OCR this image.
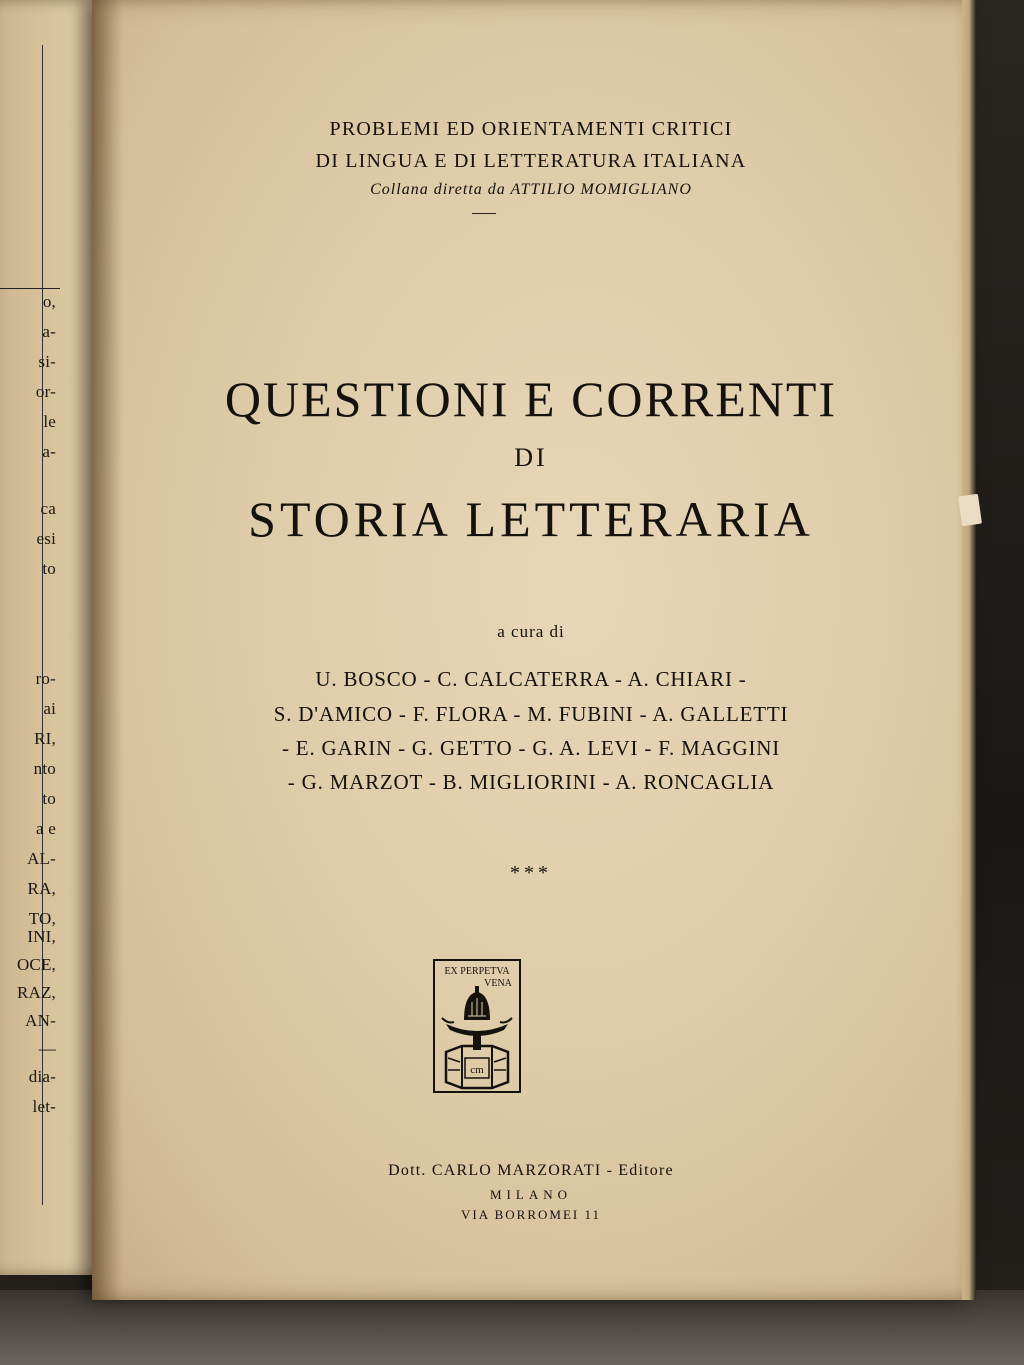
o,
a-
si-
or-
le
a-
ca
esi
to
ro-
ai
RI,
nto
to
a e
AL-
RA,
TO,
INI,
OCE,
RAZ,
AN-
—
dia-
let-
PROBLEMI ED ORIENTAMENTI CRITICI
DI LINGUA E DI LETTERATURA ITALIANA
Collana diretta da ATTILIO MOMIGLIANO
QUESTIONI E CORRENTI
DI
STORIA LETTERARIA
a cura di
U. BOSCO - C. CALCATERRA - A. CHIARI -
S. D'AMICO - F. FLORA - M. FUBINI - A. GALLETTI
- E. GARIN - G. GETTO - G. A. LEVI - F. MAGGINI
- G. MARZOT - B. MIGLIORINI - A. RONCAGLIA
***
EX PERPETVA
VENA
cm
Dott. CARLO MARZORATI - Editore
MILANO
VIA BORROMEI 11
